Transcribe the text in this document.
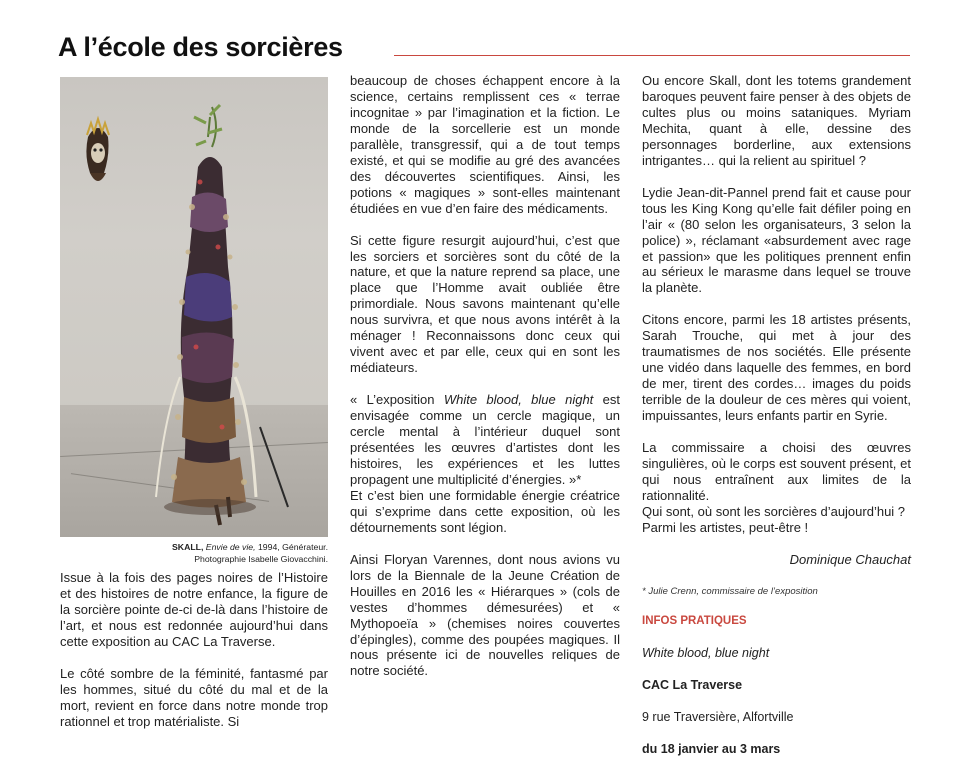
A l’école des sorcières
SKALL, Envie de vie, 1994, Générateur.
Photographie Isabelle Giovacchini.

Issue à la fois des pages noires de l’Histoire et des histoires de notre enfance, la figure de la sorcière pointe de-ci de-là dans l’histoire de l’art, et nous est redonnée aujourd’hui dans cette exposition au CAC La Traverse.

Le côté sombre de la féminité, fantasmé par les hommes, situé du côté du mal et de la mort, revient en force dans notre monde trop rationnel et trop matérialiste. Si

beaucoup de choses échappent encore à la science, certains remplissent ces « terrae incognitae » par l’imagination et la fiction. Le monde de la sorcellerie est un monde parallèle, transgressif, qui a de tout temps existé, et qui se modifie au gré des avancées des découvertes scientifiques. Ainsi, les potions « magiques » sont-elles maintenant étudiées en vue d’en faire des médicaments.

Si cette figure resurgit aujourd’hui, c’est que les sorciers et sorcières sont du côté de la nature, et que la nature reprend sa place, une place que l’Homme avait oubliée être primordiale. Nous savons maintenant qu’elle nous survivra, et que nous avons intérêt à la ménager ! Reconnaissons donc ceux qui vivent avec et par elle, ceux qui en sont les médiateurs.

« L’exposition White blood, blue night est envisagée comme un cercle magique, un cercle mental à l’intérieur duquel sont présentées les œuvres d’artistes dont les histoires, les expériences et les luttes propagent une multiplicité d’énergies. »*

Et c’est bien une formidable énergie créatrice qui s’exprime dans cette exposition, où les détournements sont légion.

Ainsi Floryan Varennes, dont nous avions vu lors de la Biennale de la Jeune Création de Houilles en 2016 les « Hiérarques » (cols de vestes d’hommes démesurées) et « Mythopoeïa » (chemises noires couvertes d’épingles), comme des poupées magiques. Il nous présente ici de nouvelles reliques de notre société.

Ou encore Skall, dont les totems grandement baroques peuvent faire penser à des objets de cultes plus ou moins sataniques. Myriam Mechita, quant à elle, dessine des personnages borderline, aux extensions intrigantes… qui la relient au spirituel ?

Lydie Jean-dit-Pannel prend fait et cause pour tous les King Kong qu’elle fait défiler poing en l’air « (80 selon les organisateurs, 3 selon la police) », réclamant «absurdement avec rage et passion» que les politiques prennent enfin au sérieux le marasme dans lequel se trouve la planète.

Citons encore, parmi les 18 artistes présents, Sarah Trouche, qui met à jour des traumatismes de nos sociétés. Elle présente une vidéo dans laquelle des femmes, en bord de mer, tirent des cordes… images du poids terrible de la douleur de ces mères qui voient, impuissantes, leurs enfants partir en Syrie.

La commissaire a choisi des œuvres singulières, où le corps est souvent présent, et qui nous entraînent aux limites de la rationnalité.

Qui sont, où sont les sorcières d’aujourd’hui ? Parmi les artistes, peut-être !

Dominique Chauchat

* Julie Crenn, commissaire de l’exposition

INFOS PRATIQUES

White blood, blue night

CAC La Traverse

9 rue Traversière, Alfortville

du 18 janvier au 3 mars
